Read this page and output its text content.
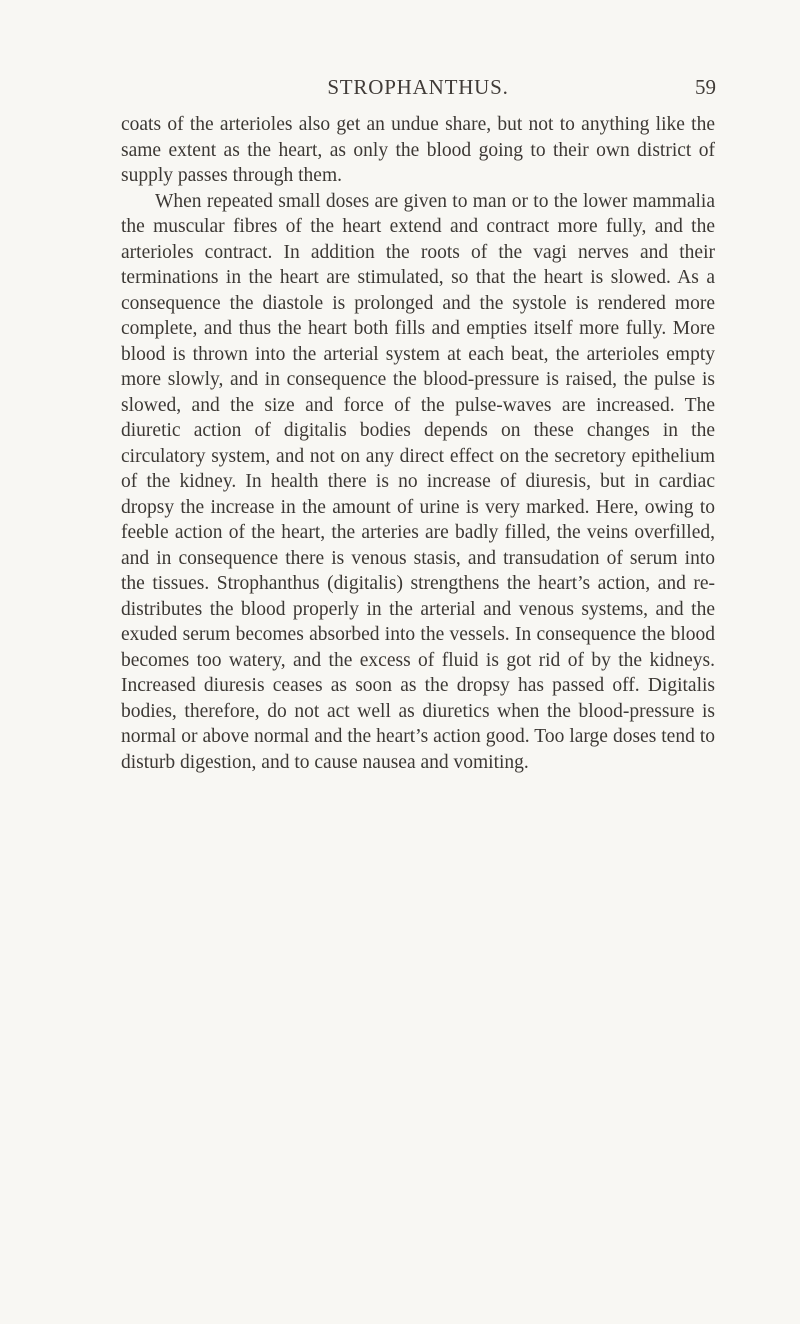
STROPHANTHUS.	59

coats of the arterioles also get an undue share, but not to anything like the same extent as the heart, as only the blood going to their own district of supply passes through them.

When repeated small doses are given to man or to the lower mammalia the muscular fibres of the heart extend and contract more fully, and the arterioles contract. In addition the roots of the vagi nerves and their terminations in the heart are stimulated, so that the heart is slowed. As a consequence the diastole is prolonged and the systole is rendered more complete, and thus the heart both fills and empties itself more fully. More blood is thrown into the arterial system at each beat, the arterioles empty more slowly, and in consequence the blood-pressure is raised, the pulse is slowed, and the size and force of the pulse-waves are increased. The diuretic action of digitalis bodies depends on these changes in the circulatory system, and not on any direct effect on the secretory epithelium of the kidney. In health there is no increase of diuresis, but in cardiac dropsy the increase in the amount of urine is very marked. Here, owing to feeble action of the heart, the arteries are badly filled, the veins overfilled, and in consequence there is venous stasis, and transudation of serum into the tissues. Strophanthus (digitalis) strengthens the heart’s action, and re-distributes the blood properly in the arterial and venous systems, and the exuded serum becomes absorbed into the vessels. In consequence the blood becomes too watery, and the excess of fluid is got rid of by the kidneys. Increased diuresis ceases as soon as the dropsy has passed off. Digitalis bodies, therefore, do not act well as diuretics when the blood-pressure is normal or above normal and the heart’s action good. Too large doses tend to disturb digestion, and to cause nausea and vomiting.
